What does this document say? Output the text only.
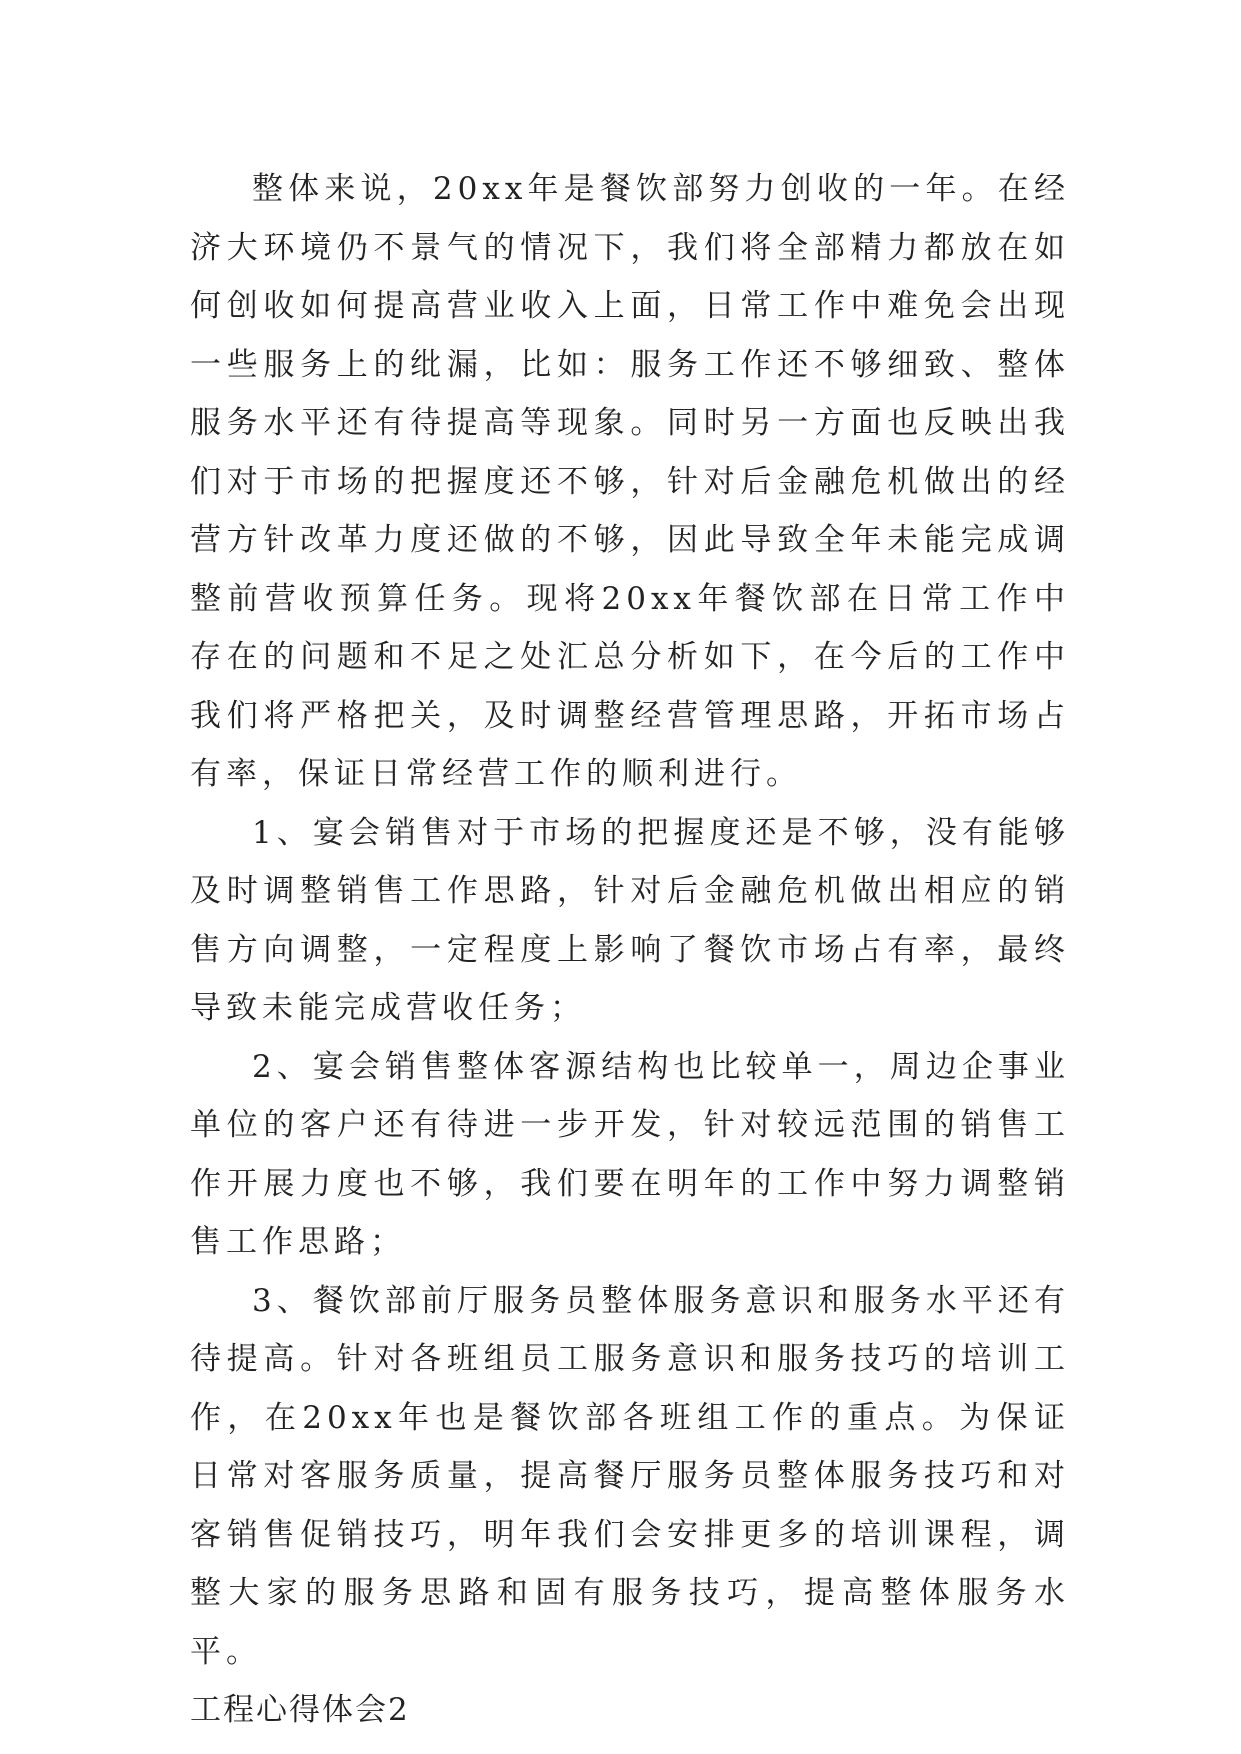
整体来说，20xx年是餐饮部努力创收的一年。在经济大环境仍不景气的情况下，我们将全部精力都放在如何创收如何提高营业收入上面，日常工作中难免会出现一些服务上的纰漏，比如：服务工作还不够细致、整体服务水平还有待提高等现象。同时另一方面也反映出我们对于市场的把握度还不够，针对后金融危机做出的经营方针改革力度还做的不够，因此导致全年未能完成调整前营收预算任务。现将20xx年餐饮部在日常工作中存在的问题和不足之处汇总分析如下，在今后的工作中我们将严格把关，及时调整经营管理思路，开拓市场占有率，保证日常经营工作的顺利进行。

1、宴会销售对于市场的把握度还是不够，没有能够及时调整销售工作思路，针对后金融危机做出相应的销售方向调整，一定程度上影响了餐饮市场占有率，最终导致未能完成营收任务；

2、宴会销售整体客源结构也比较单一，周边企事业单位的客户还有待进一步开发，针对较远范围的销售工作开展力度也不够，我们要在明年的工作中努力调整销售工作思路；

3、餐饮部前厅服务员整体服务意识和服务水平还有待提高。针对各班组员工服务意识和服务技巧的培训工作，在20xx年也是餐饮部各班组工作的重点。为保证日常对客服务质量，提高餐厅服务员整体服务技巧和对客销售促销技巧，明年我们会安排更多的培训课程，调整大家的服务思路和固有服务技巧，提高整体服务水平。

工程心得体会2
